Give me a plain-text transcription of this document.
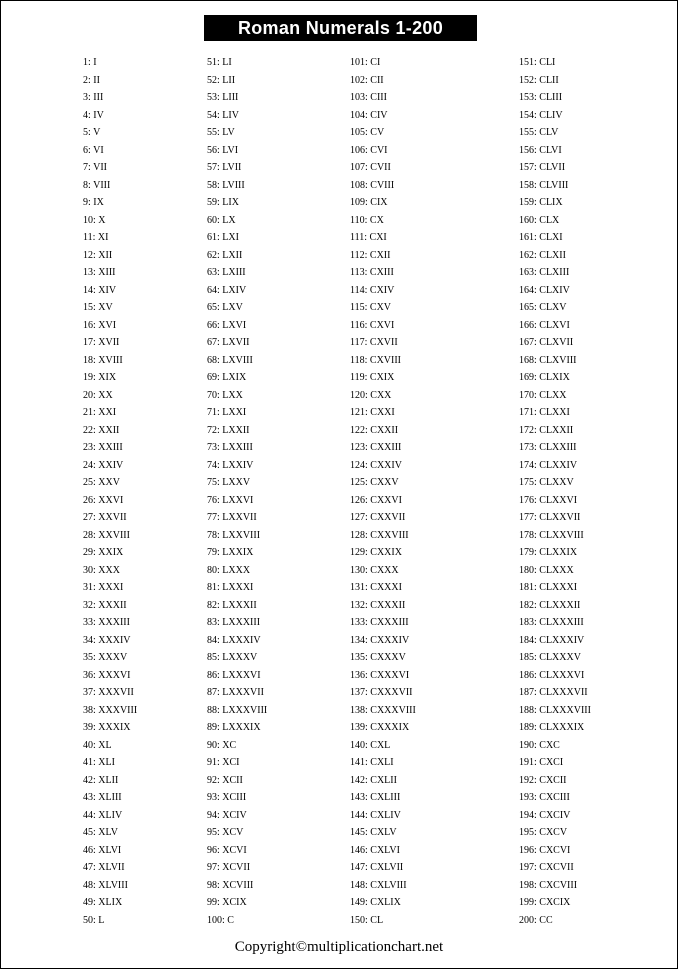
Roman Numerals 1-200
1: I
2: II
3: III
4: IV
5: V
6: VI
7: VII
8: VIII
9: IX
10: X
11: XI
12: XII
13: XIII
14: XIV
15: XV
16: XVI
17: XVII
18: XVIII
19: XIX
20: XX
21: XXI
22: XXII
23: XXIII
24: XXIV
25: XXV
26: XXVI
27: XXVII
28: XXVIII
29: XXIX
30: XXX
31: XXXI
32: XXXII
33: XXXIII
34: XXXIV
35: XXXV
36: XXXVI
37: XXXVII
38: XXXVIII
39: XXXIX
40: XL
41: XLI
42: XLII
43: XLIII
44: XLIV
45: XLV
46: XLVI
47: XLVII
48: XLVIII
49: XLIX
50: L
51: LI
52: LII
53: LIII
54: LIV
55: LV
56: LVI
57: LVII
58: LVIII
59: LIX
60: LX
61: LXI
62: LXII
63: LXIII
64: LXIV
65: LXV
66: LXVI
67: LXVII
68: LXVIII
69: LXIX
70: LXX
71: LXXI
72: LXXII
73: LXXIII
74: LXXIV
75: LXXV
76: LXXVI
77: LXXVII
78: LXXVIII
79: LXXIX
80: LXXX
81: LXXXI
82: LXXXII
83: LXXXIII
84: LXXXIV
85: LXXXV
86: LXXXVI
87: LXXXVII
88: LXXXVIII
89: LXXXIX
90: XC
91: XCI
92: XCII
93: XCIII
94: XCIV
95: XCV
96: XCVI
97: XCVII
98: XCVIII
99: XCIX
100: C
101: CI
102: CII
103: CIII
104: CIV
105: CV
106: CVI
107: CVII
108: CVIII
109: CIX
110: CX
111: CXI
112: CXII
113: CXIII
114: CXIV
115: CXV
116: CXVI
117: CXVII
118: CXVIII
119: CXIX
120: CXX
121: CXXI
122: CXXII
123: CXXIII
124: CXXIV
125: CXXV
126: CXXVI
127: CXXVII
128: CXXVIII
129: CXXIX
130: CXXX
131: CXXXI
132: CXXXII
133: CXXXIII
134: CXXXIV
135: CXXXV
136: CXXXVI
137: CXXXVII
138: CXXXVIII
139: CXXXIX
140: CXL
141: CXLI
142: CXLII
143: CXLIII
144: CXLIV
145: CXLV
146: CXLVI
147: CXLVII
148: CXLVIII
149: CXLIX
150: CL
151: CLI
152: CLII
153: CLIII
154: CLIV
155: CLV
156: CLVI
157: CLVII
158: CLVIII
159: CLIX
160: CLX
161: CLXI
162: CLXII
163: CLXIII
164: CLXIV
165: CLXV
166: CLXVI
167: CLXVII
168: CLXVIII
169: CLXIX
170: CLXX
171: CLXXI
172: CLXXII
173: CLXXIII
174: CLXXIV
175: CLXXV
176: CLXXVI
177: CLXXVII
178: CLXXVIII
179: CLXXIX
180: CLXXX
181: CLXXXI
182: CLXXXII
183: CLXXXIII
184: CLXXXIV
185: CLXXXV
186: CLXXXVI
187: CLXXXVII
188: CLXXXVIII
189: CLXXXIX
190: CXC
191: CXCI
192: CXCII
193: CXCIII
194: CXCIV
195: CXCV
196: CXCVI
197: CXCVII
198: CXCVIII
199: CXCIX
200: CC
Copyright©multiplicationchart.net
